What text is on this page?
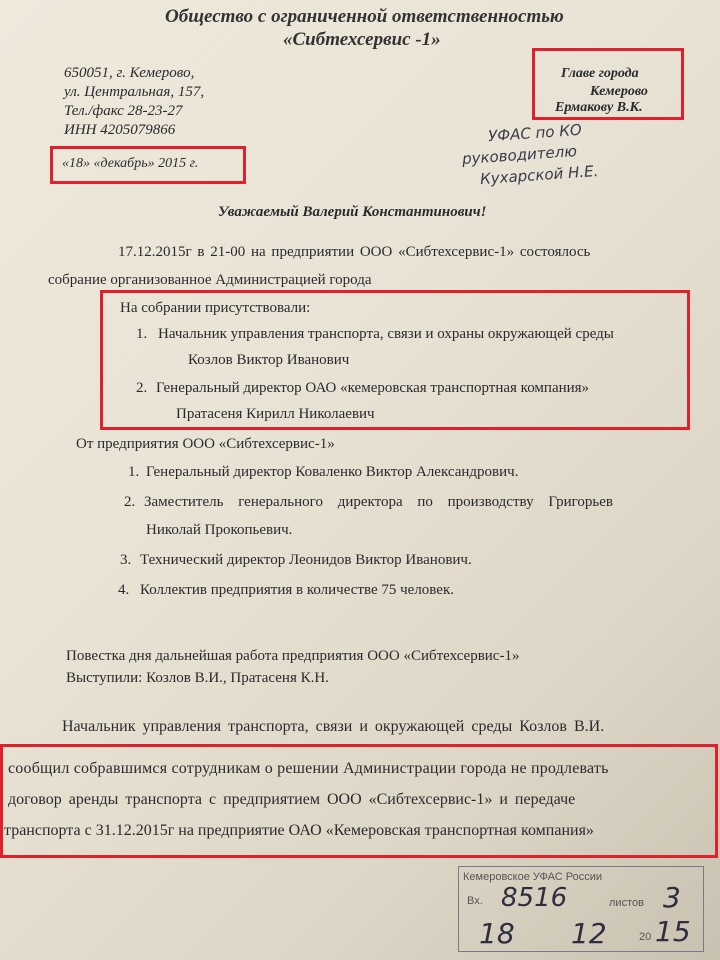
Общество с ограниченной ответственностью
«Сибтехсервис -1»
650051, г. Кемерово,
ул. Центральная, 157,
Тел./факс 28-23-27
ИНН 4205079866
«18» «декабрь» 2015 г.
Главе города
Кемерово
Ермакову В.К.
УФАС по КО
руководителю
Кухарской Н.Е.
Уважаемый Валерий Константинович!
17.12.2015г в 21-00 на предприятии ООО «Сибтехсервис-1» состоялось
собрание организованное Администрацией города
На собрании присутствовали:
1. Начальник управления транспорта, связи и охраны окружающей среды
Козлов Виктор Иванович
2. Генеральный директор ОАО «кемеровская транспортная компания»
Пратасеня Кирилл Николаевич
От предприятия ООО «Сибтехсервис-1»
1. Генеральный директор Коваленко Виктор Александрович.
2. Заместитель генерального директора по производству Григорьев
Николай Прокопьевич.
3. Технический директор Леонидов Виктор Иванович.
4. Коллектив предприятия в количестве 75 человек.
Повестка дня дальнейшая работа предприятия ООО «Сибтехсервис-1»
Выступили: Козлов В.И., Пратасеня К.Н.
Начальник управления транспорта, связи и окружающей среды Козлов В.И.
сообщил собравшимся сотрудникам о решении Администрации города не продлевать
договор аренды транспорта с предприятием ООО «Сибтехсервис-1» и передаче
транспорта с 31.12.2015г на предприятие ОАО «Кемеровская транспортная компания»
Кемеровское УФАС России
Вх. 8516	листов 3
18 12	20 15
